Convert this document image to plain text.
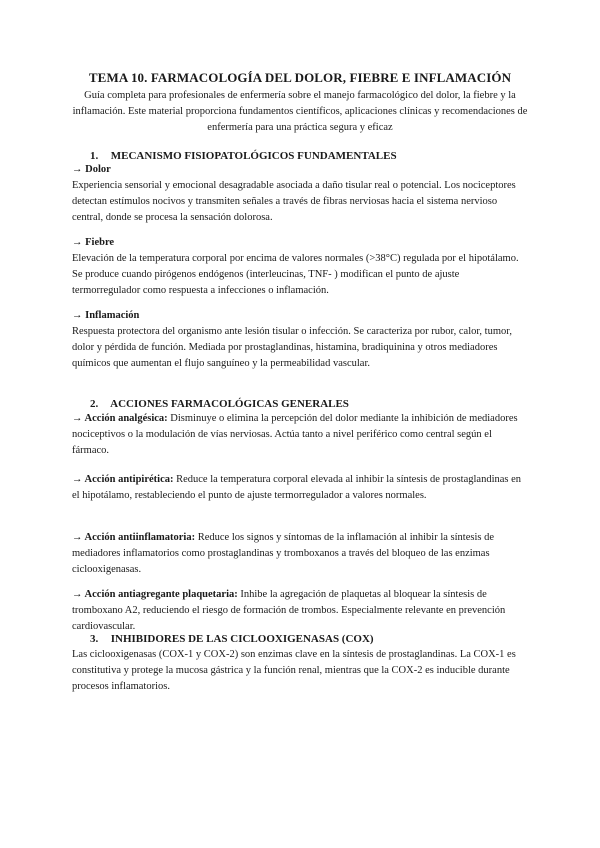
TEMA 10. FARMACOLOGÍA DEL DOLOR, FIEBRE E INFLAMACIÓN
Guía completa para profesionales de enfermería sobre el manejo farmacológico del dolor, la fiebre y la inflamación. Este material proporciona fundamentos científicos, aplicaciones clínicas y recomendaciones de enfermería para una práctica segura y eficaz
1. MECANISMO FISIOPATOLÓGICOS FUNDAMENTALES
→ Dolor

Experiencia sensorial y emocional desagradable asociada a daño tisular real o potencial. Los nociceptores detectan estímulos nocivos y transmiten señales a través de fibras nerviosas hacia el sistema nervioso central, donde se procesa la sensación dolorosa.

→ Fiebre

Elevación de la temperatura corporal por encima de valores normales (>38°C) regulada por el hipotálamo. Se produce cuando pirógenos endógenos (interleucinas, TNF- ) modifican el punto de ajuste termorregulador como respuesta a infecciones o inflamación.

→ Inflamación

Respuesta protectora del organismo ante lesión tisular o infección. Se caracteriza por rubor, calor, tumor, dolor y pérdida de función. Mediada por prostaglandinas, histamina, bradiquinina y otros mediadores químicos que aumentan el flujo sanguíneo y la permeabilidad vascular.

2. ACCIONES FARMACOLÓGICAS GENERALES

→ Acción analgésica: Disminuye o elimina la percepción del dolor mediante la inhibición de mediadores nociceptivos o la modulación de vías nerviosas. Actúa tanto a nivel periférico como central según el fármaco.

→ Acción antipirética: Reduce la temperatura corporal elevada al inhibir la síntesis de prostaglandinas en el hipotálamo, restableciendo el punto de ajuste termorregulador a valores normales.

→ Acción antiinflamatoria: Reduce los signos y síntomas de la inflamación al inhibir la síntesis de mediadores inflamatorios como prostaglandinas y tromboxanos a través del bloqueo de las enzimas ciclooxigenasas.

→ Acción antiagregante plaquetaria: Inhibe la agregación de plaquetas al bloquear la síntesis de tromboxano A2, reduciendo el riesgo de formación de trombos. Especialmente relevante en prevención cardiovascular.

3. INHIBIDORES DE LAS CICLOOXIGENASAS (COX)

Las ciclooxigenasas (COX-1 y COX-2) son enzimas clave en la síntesis de prostaglandinas. La COX-1 es constitutiva y protege la mucosa gástrica y la función renal, mientras que la COX-2 es inducible durante procesos inflamatorios.
